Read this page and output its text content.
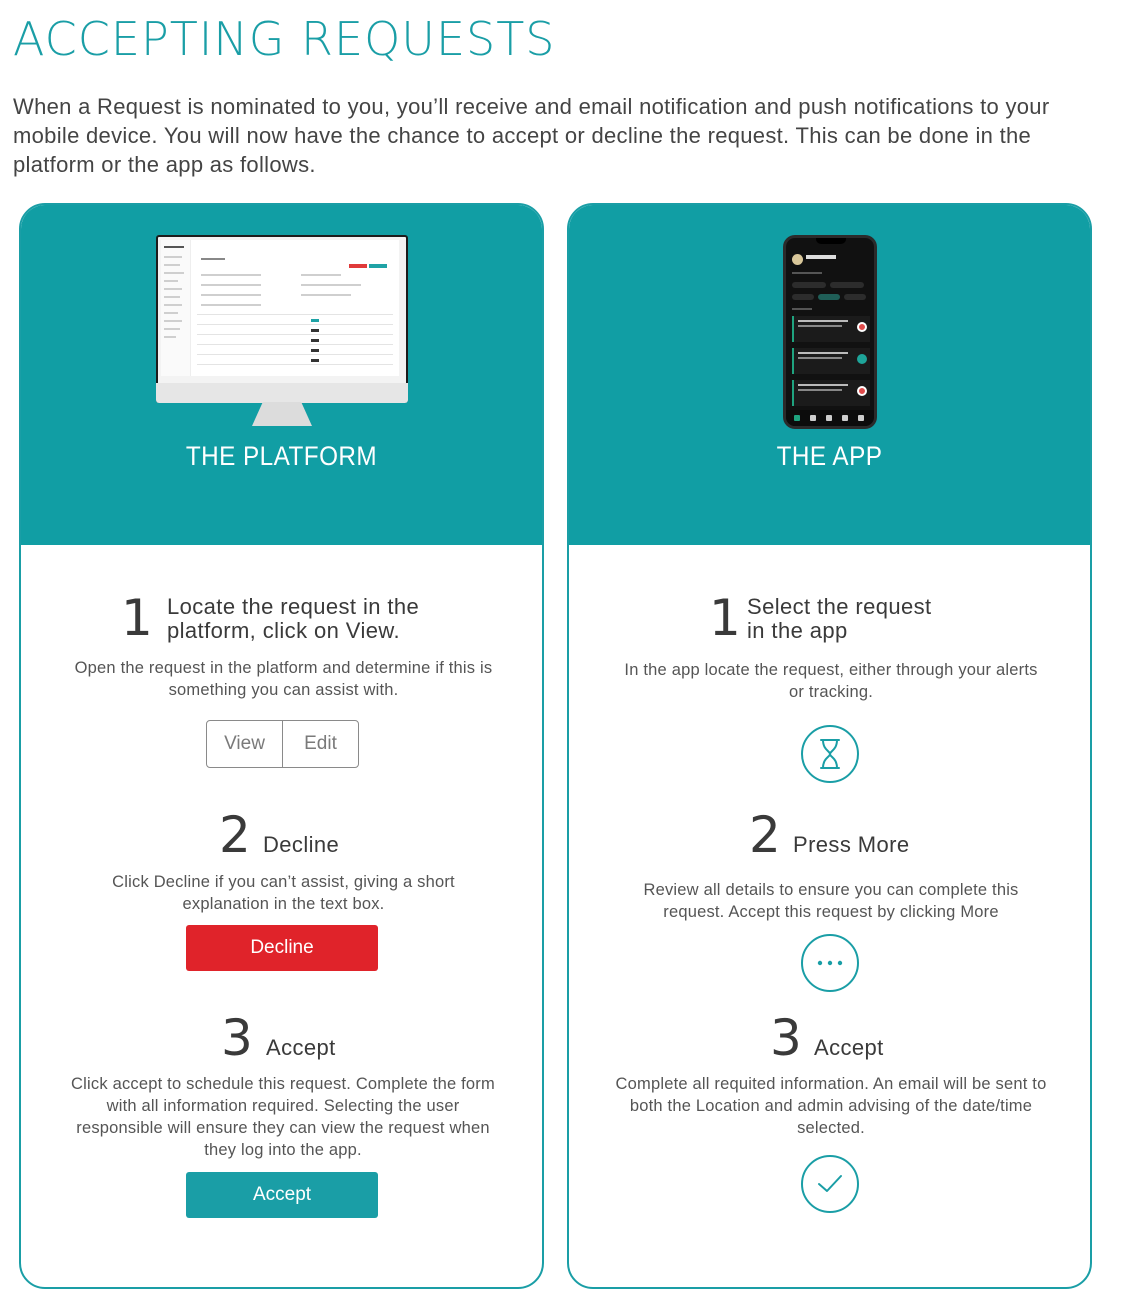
ACCEPTING REQUESTS

When a Request is nominated to you, you’ll receive and email notification and push notifications to your mobile device. You will now have the chance to accept or decline the request. This can be done in the platform or the app as follows.

THE PLATFORM
1 Locate the request in the
platform, click on View.
Open the request in the platform and determine if this is something you can assist with.
View	Edit
2 Decline
Click Decline if you can’t assist, giving a short explanation in the text box.
Decline
3 Accept
Click accept to schedule this request. Complete the form with all information required. Selecting the user responsible will ensure they can view the request when they log into the app.
Accept
THE APP
1 Select the request
in the app
In the app locate the request, either through your alerts or tracking.
2 Press More
Review all details to ensure you can complete this request. Accept this request by clicking More
3 Accept
Complete all requited information. An email will be sent to both the Location and admin advising of the date/time selected.
